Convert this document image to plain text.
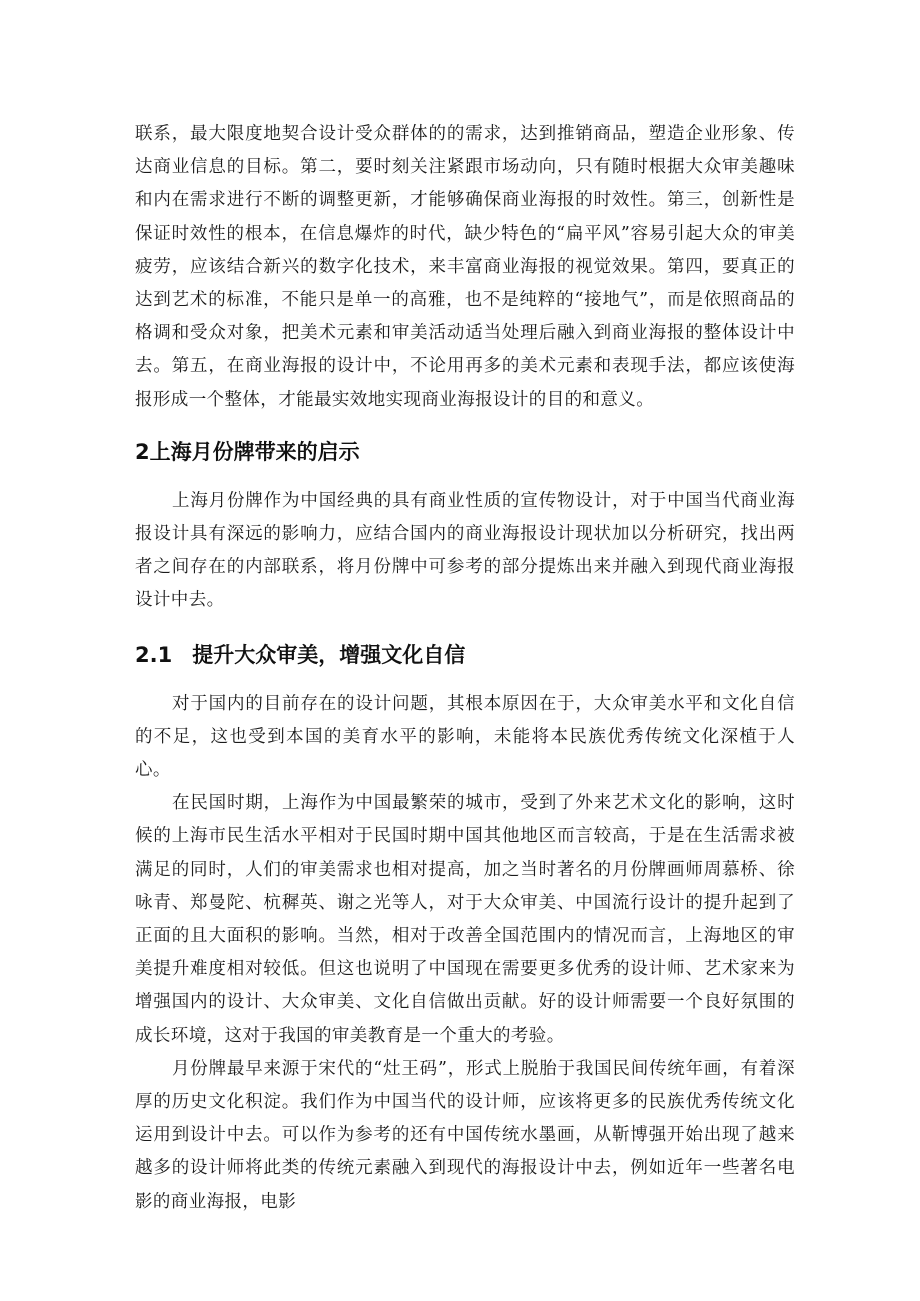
联系，最大限度地契合设计受众群体的的需求，达到推销商品，塑造企业形象、传达商业信息的目标。第二，要时刻关注紧跟市场动向，只有随时根据大众审美趣味和内在需求进行不断的调整更新，才能够确保商业海报的时效性。第三，创新性是保证时效性的根本，在信息爆炸的时代，缺少特色的“扁平风”容易引起大众的审美疲劳，应该结合新兴的数字化技术，来丰富商业海报的视觉效果。第四，要真正的达到艺术的标准，不能只是单一的高雅，也不是纯粹的“接地气”，而是依照商品的格调和受众对象，把美术元素和审美活动适当处理后融入到商业海报的整体设计中去。第五，在商业海报的设计中，不论用再多的美术元素和表现手法，都应该使海报形成一个整体，才能最实效地实现商业海报设计的目的和意义。

2上海月份牌带来的启示

上海月份牌作为中国经典的具有商业性质的宣传物设计，对于中国当代商业海报设计具有深远的影响力，应结合国内的商业海报设计现状加以分析研究，找出两者之间存在的内部联系，将月份牌中可参考的部分提炼出来并融入到现代商业海报设计中去。

2.1 提升大众审美，增强文化自信

对于国内的目前存在的设计问题，其根本原因在于，大众审美水平和文化自信的不足，这也受到本国的美育水平的影响，未能将本民族优秀传统文化深植于人心。

在民国时期，上海作为中国最繁荣的城市，受到了外来艺术文化的影响，这时候的上海市民生活水平相对于民国时期中国其他地区而言较高，于是在生活需求被满足的同时，人们的审美需求也相对提高，加之当时著名的月份牌画师周慕桥、徐咏青、郑曼陀、杭穉英、谢之光等人，对于大众审美、中国流行设计的提升起到了正面的且大面积的影响。当然，相对于改善全国范围内的情况而言，上海地区的审美提升难度相对较低。但这也说明了中国现在需要更多优秀的设计师、艺术家来为增强国内的设计、大众审美、文化自信做出贡献。好的设计师需要一个良好氛围的成长环境，这对于我国的审美教育是一个重大的考验。

月份牌最早来源于宋代的“灶王码”，形式上脱胎于我国民间传统年画，有着深厚的历史文化积淀。我们作为中国当代的设计师，应该将更多的民族优秀传统文化运用到设计中去。可以作为参考的还有中国传统水墨画，从靳博强开始出现了越来越多的设计师将此类的传统元素融入到现代的海报设计中去，例如近年一些著名电影的商业海报，电影
